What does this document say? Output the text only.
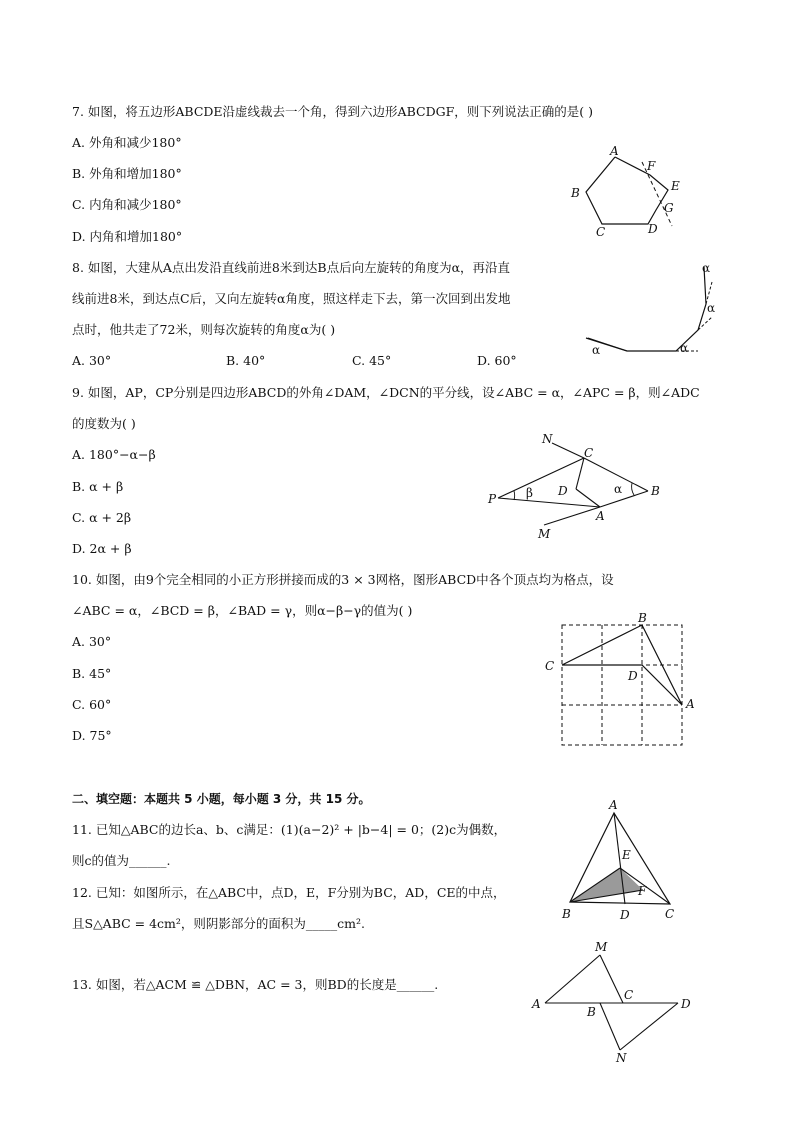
7. 如图，将五边形ABCDE沿虚线裁去一个角，得到六边形ABCDGF，则下列说法正确的是( )
A. 外角和减少180°
B. 外角和增加180°
C. 内角和减少180°
D. 内角和增加180°
A
F
E
G
D
C
B
8. 如图，大建从A点出发沿直线前进8米到达B点后向左旋转的角度为α，再沿直
线前进8米，到达点C后，又向左旋转α角度，照这样走下去，第一次回到出发地
点时，他共走了72米，则每次旋转的角度α为( )
A. 30°	B. 40°	C. 45°	D. 60°
α	α
α
α
9. 如图，AP，CP分别是四边形ABCD的外角∠DAM，∠DCN的平分线，设∠ABC = α，∠APC = β，则∠ADC
的度数为( )
A. 180°−α−β
B. α + β
C. α + 2β
D. 2α + β
N
C
β D	α B
P
A
M
10. 如图，由9个完全相同的小正方形拼接而成的3 × 3网格，图形ABCD中各个顶点均为格点，设
∠ABC = α，∠BCD = β，∠BAD = γ，则α−β−γ的值为( )
A. 30°
B. 45°
C. 60°
D. 75°
B
C
D
A
二、填空题：本题共 5 小题，每小题 3 分，共 15 分。
11. 已知△ABC的边长a、b、c满足：(1)(a−2)² + |b−4| = 0；(2)c为偶数，
则c的值为______.
12. 已知：如图所示，在△ABC中，点D，E，F分别为BC，AD，CE的中点，
且S△ABC = 4cm²，则阴影部分的面积为_____cm².
A
E
F
B	D	C
13. 如图，若△ACM ≌ △DBN，AC = 3，则BD的长度是______.
M
A
C
B
D
N
